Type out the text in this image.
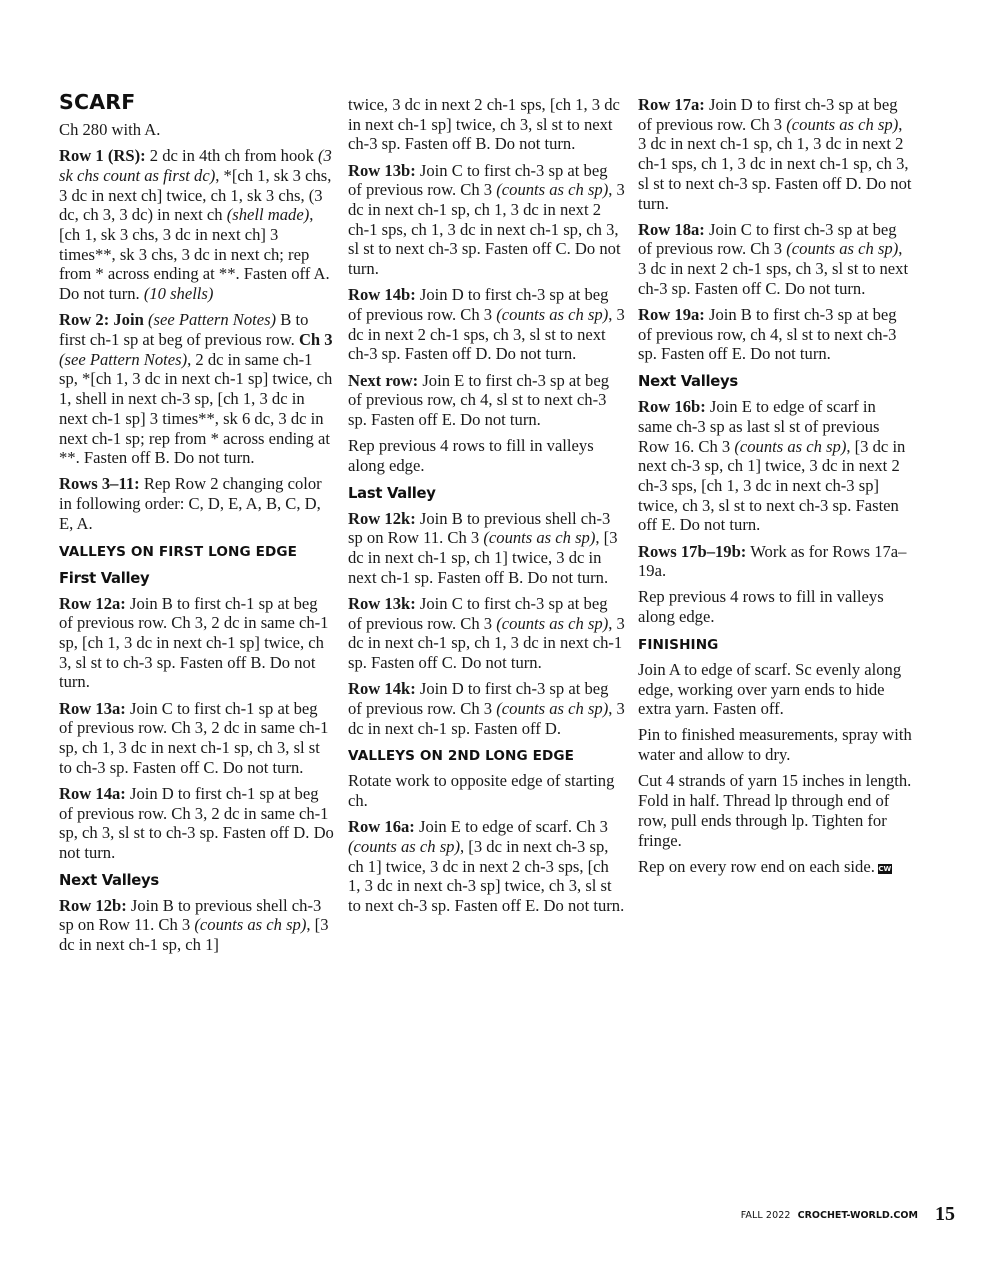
SCARF

Ch 280 with A.

Row 1 (RS): 2 dc in 4th ch from hook (3 sk chs count as first dc), *[ch 1, sk 3 chs, 3 dc in next ch] twice, ch 1, sk 3 chs, (3 dc, ch 3, 3 dc) in next ch (shell made), [ch 1, sk 3 chs, 3 dc in next ch] 3 times**, sk 3 chs, 3 dc in next ch; rep from * across ending at **. Fasten off A. Do not turn. (10 shells)

Row 2: Join (see Pattern Notes) B to first ch-1 sp at beg of previous row. Ch 3 (see Pattern Notes), 2 dc in same ch-1 sp, *[ch 1, 3 dc in next ch-1 sp] twice, ch 1, shell in next ch-3 sp, [ch 1, 3 dc in next ch-1 sp] 3 times**, sk 6 dc, 3 dc in next ch-1 sp; rep from * across ending at **. Fasten off B. Do not turn.

Rows 3–11: Rep Row 2 changing color in following order: C, D, E, A, B, C, D, E, A.

VALLEYS ON FIRST LONG EDGE
First Valley

Row 12a: Join B to first ch-1 sp at beg of previous row. Ch 3, 2 dc in same ch-1 sp, [ch 1, 3 dc in next ch-1 sp] twice, ch 3, sl st to ch-3 sp. Fasten off B. Do not turn.

Row 13a: Join C to first ch-1 sp at beg of previous row. Ch 3, 2 dc in same ch-1 sp, ch 1, 3 dc in next ch-1 sp, ch 3, sl st to ch-3 sp. Fasten off C. Do not turn.

Row 14a: Join D to first ch-1 sp at beg of previous row. Ch 3, 2 dc in same ch-1 sp, ch 3, sl st to ch-3 sp. Fasten off D. Do not turn.

Next Valleys

Row 12b: Join B to previous shell ch-3 sp on Row 11. Ch 3 (counts as ch sp), [3 dc in next ch-1 sp, ch 1]

twice, 3 dc in next 2 ch-1 sps, [ch 1, 3 dc in next ch-1 sp] twice, ch 3, sl st to next ch-3 sp. Fasten off B. Do not turn.

Row 13b: Join C to first ch-3 sp at beg of previous row. Ch 3 (counts as ch sp), 3 dc in next ch-1 sp, ch 1, 3 dc in next 2 ch-1 sps, ch 1, 3 dc in next ch-1 sp, ch 3, sl st to next ch-3 sp. Fasten off C. Do not turn.

Row 14b: Join D to first ch-3 sp at beg of previous row. Ch 3 (counts as ch sp), 3 dc in next 2 ch-1 sps, ch 3, sl st to next ch-3 sp. Fasten off D. Do not turn.

Next row: Join E to first ch-3 sp at beg of previous row, ch 4, sl st to next ch-3 sp. Fasten off E. Do not turn.

Rep previous 4 rows to fill in valleys along edge.

Last Valley

Row 12k: Join B to previous shell ch-3 sp on Row 11. Ch 3 (counts as ch sp), [3 dc in next ch-1 sp, ch 1] twice, 3 dc in next ch-1 sp. Fasten off B. Do not turn.

Row 13k: Join C to first ch-3 sp at beg of previous row. Ch 3 (counts as ch sp), 3 dc in next ch-1 sp, ch 1, 3 dc in next ch-1 sp. Fasten off C. Do not turn.

Row 14k: Join D to first ch-3 sp at beg of previous row. Ch 3 (counts as ch sp), 3 dc in next ch-1 sp. Fasten off D.

VALLEYS ON 2ND LONG EDGE

Rotate work to opposite edge of starting ch.

Row 16a: Join E to edge of scarf. Ch 3 (counts as ch sp), [3 dc in next ch-3 sp, ch 1] twice, 3 dc in next 2 ch-3 sps, [ch 1, 3 dc in next ch-3 sp] twice, ch 3, sl st to next ch-3 sp. Fasten off E. Do not turn.

Row 17a: Join D to first ch-3 sp at beg of previous row. Ch 3 (counts as ch sp), 3 dc in next ch-1 sp, ch 1, 3 dc in next 2 ch-1 sps, ch 1, 3 dc in next ch-1 sp, ch 3, sl st to next ch-3 sp. Fasten off D. Do not turn.

Row 18a: Join C to first ch-3 sp at beg of previous row. Ch 3 (counts as ch sp), 3 dc in next 2 ch-1 sps, ch 3, sl st to next ch-3 sp. Fasten off C. Do not turn.

Row 19a: Join B to first ch-3 sp at beg of previous row, ch 4, sl st to next ch-3 sp. Fasten off E. Do not turn.

Next Valleys

Row 16b: Join E to edge of scarf in same ch-3 sp as last sl st of previous Row 16. Ch 3 (counts as ch sp), [3 dc in next ch-3 sp, ch 1] twice, 3 dc in next 2 ch-3 sps, [ch 1, 3 dc in next ch-3 sp] twice, ch 3, sl st to next ch-3 sp. Fasten off E. Do not turn.

Rows 17b–19b: Work as for Rows 17a–19a.

Rep previous 4 rows to fill in valleys along edge.

FINISHING

Join A to edge of scarf. Sc evenly along edge, working over yarn ends to hide extra yarn. Fasten off.

Pin to finished measurements, spray with water and allow to dry.

Cut 4 strands of yarn 15 inches in length. Fold in half. Thread lp through end of row, pull ends through lp. Tighten for fringe.

Rep on every row end on each side. CW

FALL 2022 CROCHET-WORLD.COM 15
